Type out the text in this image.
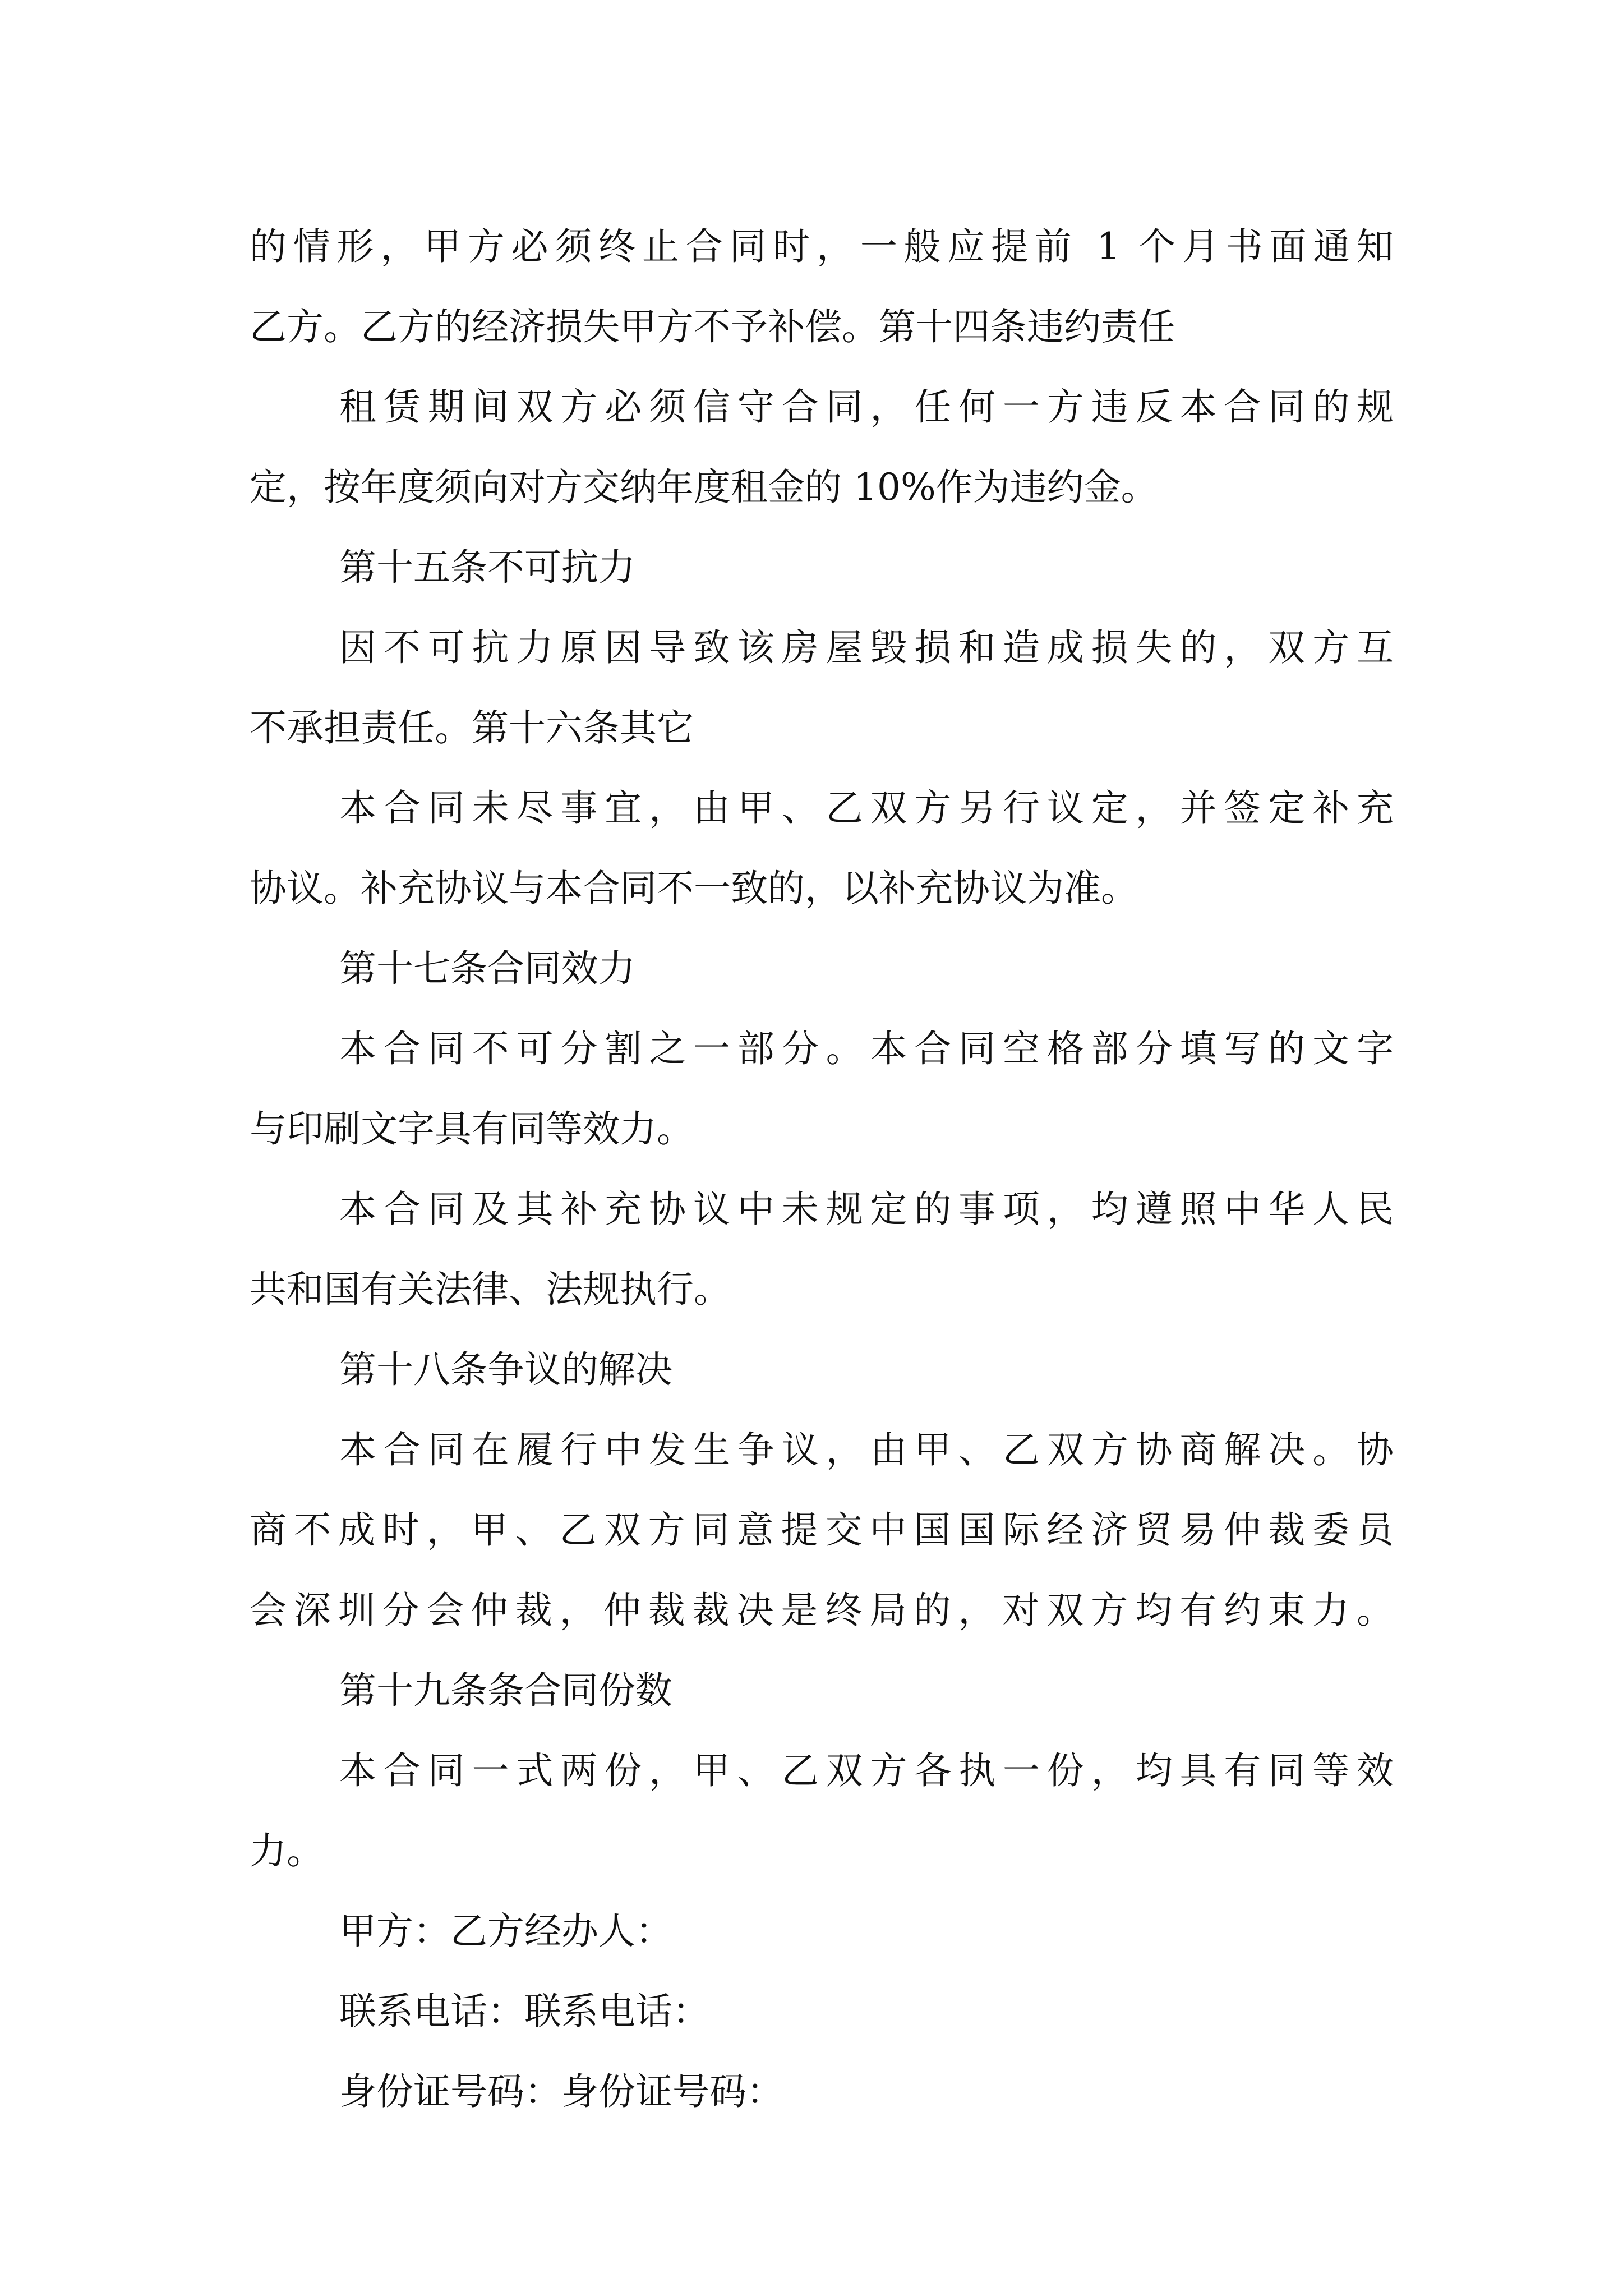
的情形，甲方必须终止合同时，一般应提前 1 个月书面通知
乙方。乙方的经济损失甲方不予补偿。第十四条违约责任
租赁期间双方必须信守合同，任何一方违反本合同的规
定，按年度须向对方交纳年度租金的 10%作为违约金。
第十五条不可抗力
因不可抗力原因导致该房屋毁损和造成损失的，双方互
不承担责任。第十六条其它
本合同未尽事宜，由甲、乙双方另行议定，并签定补充
协议。补充协议与本合同不一致的，以补充协议为准。
第十七条合同效力
本合同不可分割之一部分。本合同空格部分填写的文字
与印刷文字具有同等效力。
本合同及其补充协议中未规定的事项，均遵照中华人民
共和国有关法律、法规执行。
第十八条争议的解决
本合同在履行中发生争议，由甲、乙双方协商解决。协
商不成时，甲、乙双方同意提交中国国际经济贸易仲裁委员
会深圳分会仲裁，仲裁裁决是终局的，对双方均有约束力。
第十九条条合同份数
本合同一式两份，甲、乙双方各执一份，均具有同等效
力。
甲方：乙方经办人：
联系电话：联系电话：
身份证号码：身份证号码：
